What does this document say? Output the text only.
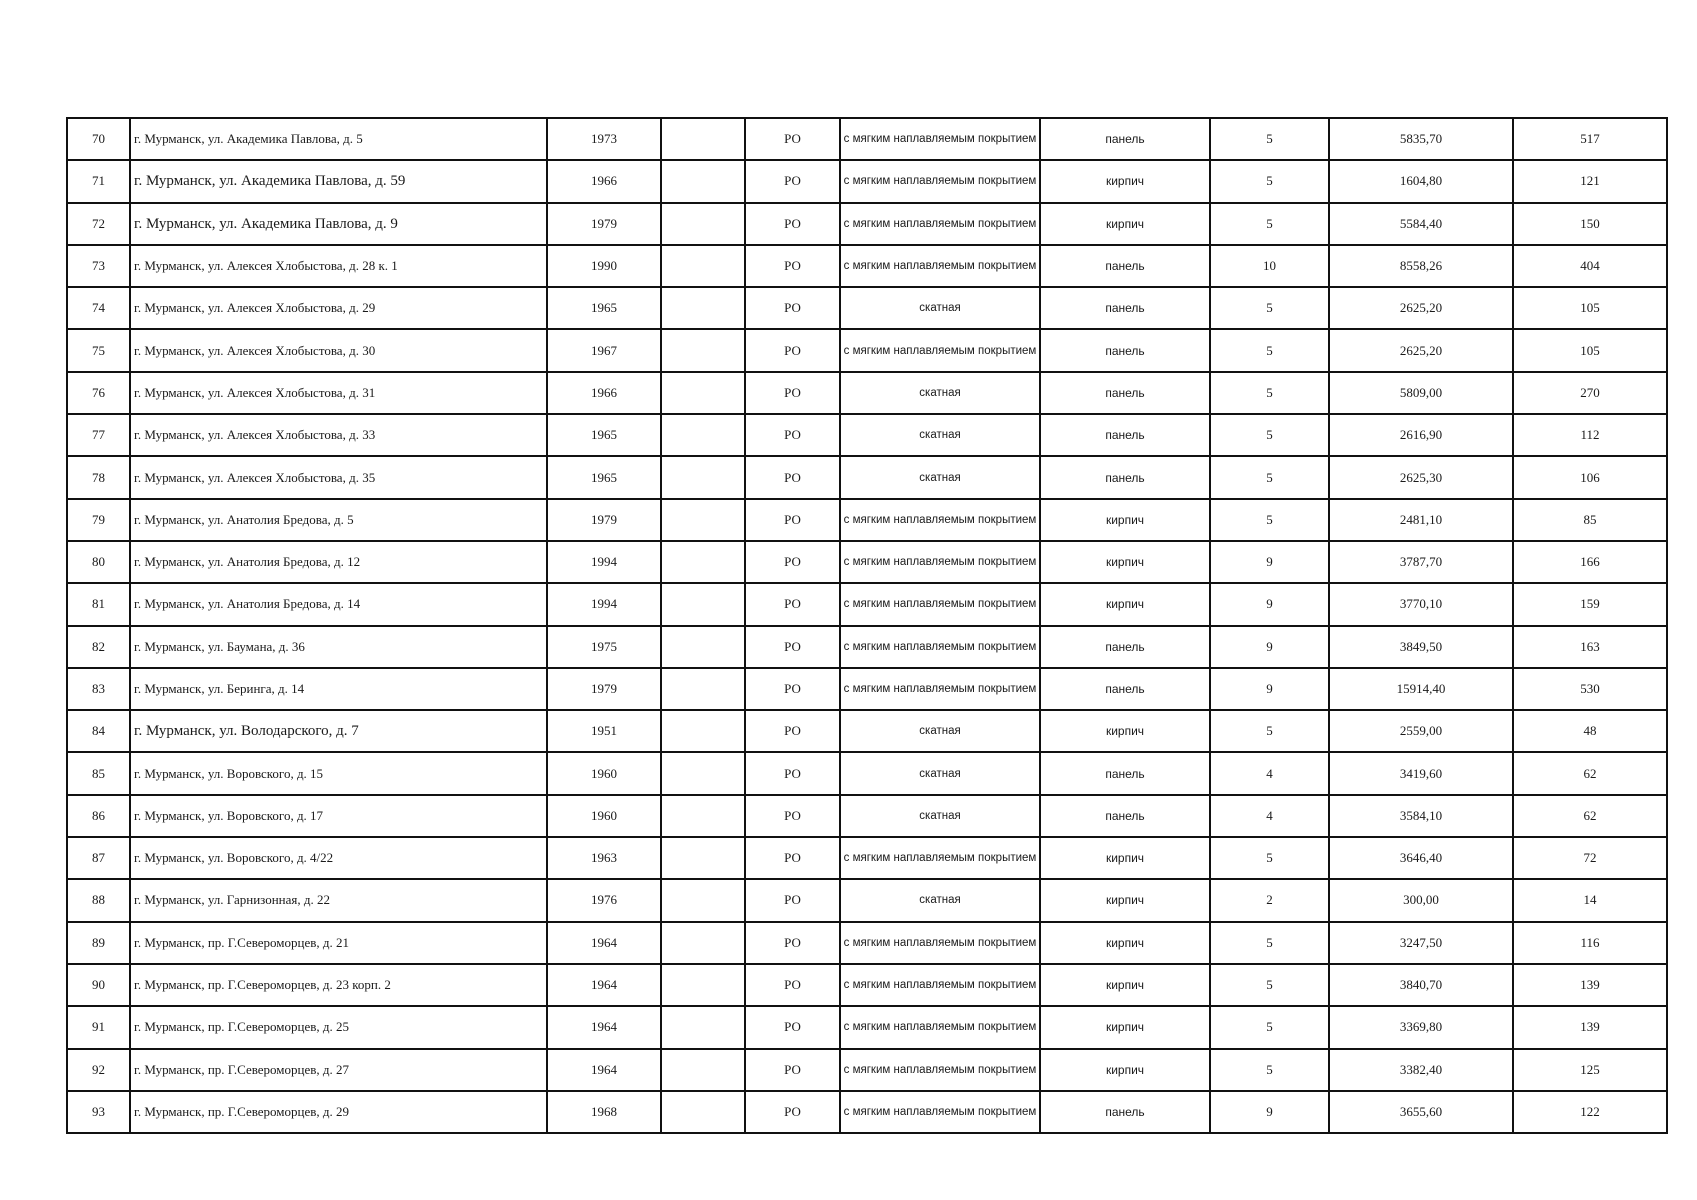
70	г. Мурманск, ул. Академика Павлова, д. 5	1973		РО	с мягким наплавляемым покрытием	панель	5	5835,70	517
71	г. Мурманск, ул. Академика Павлова, д. 59	1966		РО	с мягким наплавляемым покрытием	кирпич	5	1604,80	121
72	г. Мурманск, ул. Академика Павлова, д. 9	1979		РО	с мягким наплавляемым покрытием	кирпич	5	5584,40	150
73	г. Мурманск, ул. Алексея Хлобыстова, д. 28 к. 1	1990		РО	с мягким наплавляемым покрытием	панель	10	8558,26	404
74	г. Мурманск, ул. Алексея Хлобыстова, д. 29	1965		РО	скатная	панель	5	2625,20	105
75	г. Мурманск, ул. Алексея Хлобыстова, д. 30	1967		РО	с мягким наплавляемым покрытием	панель	5	2625,20	105
76	г. Мурманск, ул. Алексея Хлобыстова, д. 31	1966		РО	скатная	панель	5	5809,00	270
77	г. Мурманск, ул. Алексея Хлобыстова, д. 33	1965		РО	скатная	панель	5	2616,90	112
78	г. Мурманск, ул. Алексея Хлобыстова, д. 35	1965		РО	скатная	панель	5	2625,30	106
79	г. Мурманск, ул. Анатолия Бредова, д. 5	1979		РО	с мягким наплавляемым покрытием	кирпич	5	2481,10	85
80	г. Мурманск, ул. Анатолия Бредова, д. 12	1994		РО	с мягким наплавляемым покрытием	кирпич	9	3787,70	166
81	г. Мурманск, ул. Анатолия Бредова, д. 14	1994		РО	с мягким наплавляемым покрытием	кирпич	9	3770,10	159
82	г. Мурманск, ул. Баумана, д. 36	1975		РО	с мягким наплавляемым покрытием	панель	9	3849,50	163
83	г. Мурманск, ул. Беринга, д. 14	1979		РО	с мягким наплавляемым покрытием	панель	9	15914,40	530
84	г. Мурманск, ул. Володарского, д. 7	1951		РО	скатная	кирпич	5	2559,00	48
85	г. Мурманск, ул. Воровского, д. 15	1960		РО	скатная	панель	4	3419,60	62
86	г. Мурманск, ул. Воровского, д. 17	1960		РО	скатная	панель	4	3584,10	62
87	г. Мурманск, ул. Воровского, д. 4/22	1963		РО	с мягким наплавляемым покрытием	кирпич	5	3646,40	72
88	г. Мурманск, ул. Гарнизонная, д. 22	1976		РО	скатная	кирпич	2	300,00	14
89	г. Мурманск, пр. Г.Североморцев, д. 21	1964		РО	с мягким наплавляемым покрытием	кирпич	5	3247,50	116
90	г. Мурманск, пр. Г.Североморцев, д. 23 корп. 2	1964		РО	с мягким наплавляемым покрытием	кирпич	5	3840,70	139
91	г. Мурманск, пр. Г.Североморцев, д. 25	1964		РО	с мягким наплавляемым покрытием	кирпич	5	3369,80	139
92	г. Мурманск, пр. Г.Североморцев, д. 27	1964		РО	с мягким наплавляемым покрытием	кирпич	5	3382,40	125
93	г. Мурманск, пр. Г.Североморцев, д. 29	1968		РО	с мягким наплавляемым покрытием	панель	9	3655,60	122
